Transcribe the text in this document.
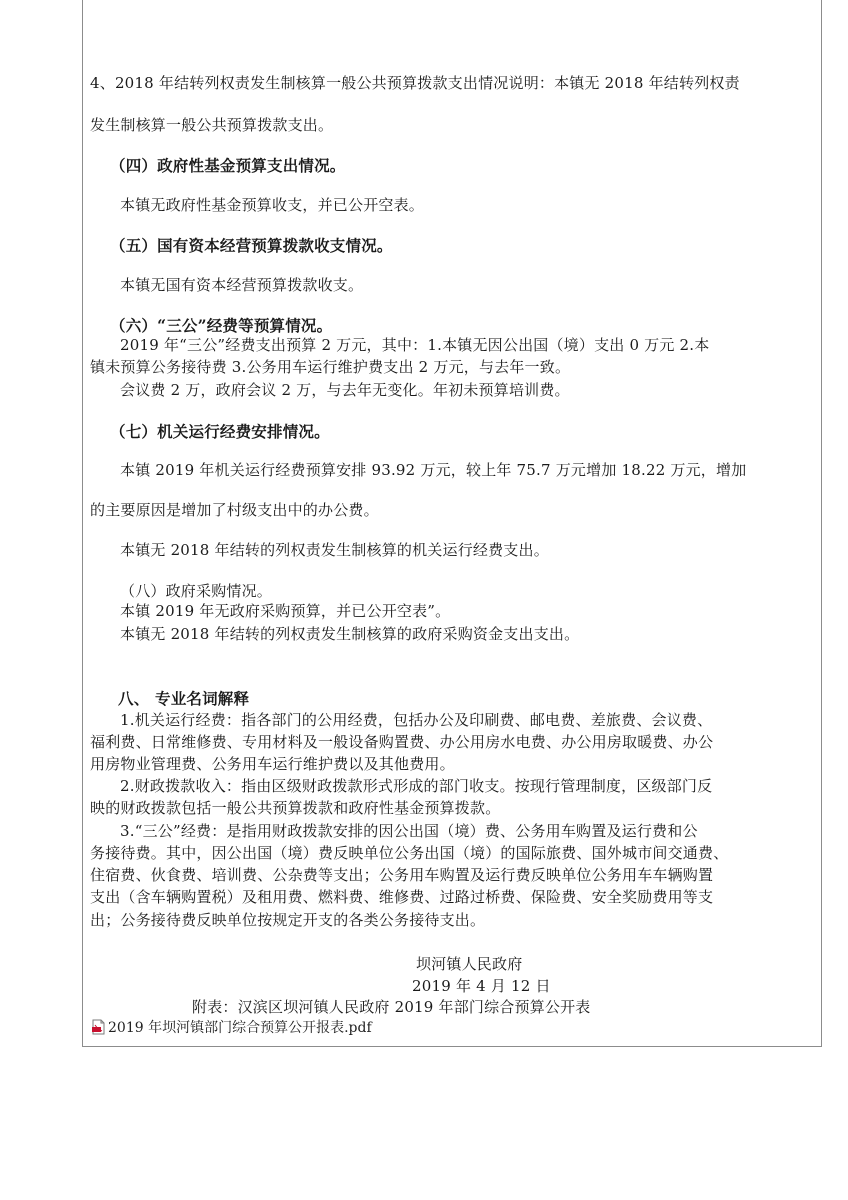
4、2018 年结转列权责发生制核算一般公共预算拨款支出情况说明：本镇无 2018 年结转列权责
发生制核算一般公共预算拨款支出。
（四）政府性基金预算支出情况。
本镇无政府性基金预算收支，并已公开空表。
（五）国有资本经营预算拨款收支情况。
本镇无国有资本经营预算拨款收支。
（六）“三公”经费等预算情况。
2019 年“三公”经费支出预算 2 万元，其中：1.本镇无因公出国（境）支出 0 万元 2.本
镇未预算公务接待费 3.公务用车运行维护费支出 2 万元，与去年一致。
会议费 2 万，政府会议 2 万，与去年无变化。年初未预算培训费。
（七）机关运行经费安排情况。
本镇 2019 年机关运行经费预算安排 93.92 万元，较上年 75.7 万元增加 18.22 万元，增加
的主要原因是增加了村级支出中的办公费。
本镇无 2018 年结转的列权责发生制核算的机关运行经费支出。
（八）政府采购情况。
本镇 2019 年无政府采购预算，并已公开空表”。
本镇无 2018 年结转的列权责发生制核算的政府采购资金支出支出。
八、 专业名词解释
1.机关运行经费：指各部门的公用经费，包括办公及印刷费、邮电费、差旅费、会议费、
福利费、日常维修费、专用材料及一般设备购置费、办公用房水电费、办公用房取暖费、办公
用房物业管理费、公务用车运行维护费以及其他费用。
2.财政拨款收入：指由区级财政拨款形式形成的部门收支。按现行管理制度，区级部门反
映的财政拨款包括一般公共预算拨款和政府性基金预算拨款。
3.“三公”经费：是指用财政拨款安排的因公出国（境）费、公务用车购置及运行费和公
务接待费。其中，因公出国（境）费反映单位公务出国（境）的国际旅费、国外城市间交通费、
住宿费、伙食费、培训费、公杂费等支出；公务用车购置及运行费反映单位公务用车车辆购置
支出（含车辆购置税）及租用费、燃料费、维修费、过路过桥费、保险费、安全奖励费用等支
出；公务接待费反映单位按规定开支的各类公务接待支出。
坝河镇人民政府
2019 年 4 月 12 日
附表：汉滨区坝河镇人民政府 2019 年部门综合预算公开表
2019 年坝河镇部门综合预算公开报表.pdf
